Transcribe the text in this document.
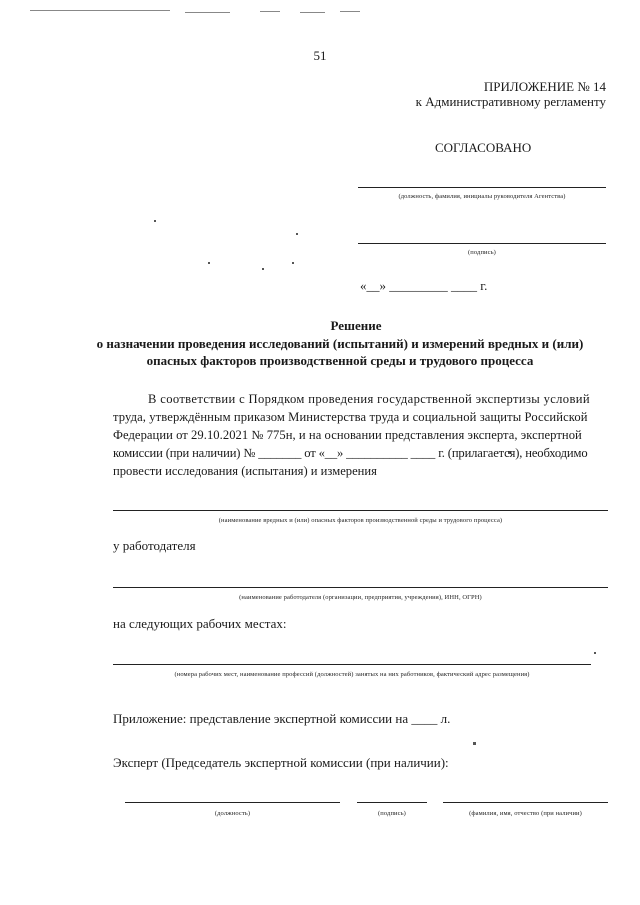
51
ПРИЛОЖЕНИЕ № 14
к Административному регламенту
СОГЛАСОВАНО
(должность, фамилия, инициалы руководителя Агентства)
(подпись)
«__» _________ ____ г.
Решение
о назначении проведения исследований (испытаний) и измерений вредных и (или)
опасных факторов производственной среды и трудового процесса
В соответствии с Порядком проведения государственной экспертизы условий
труда, утверждённым приказом Министерства труда и социальной защиты Российской
Федерации от 29.10.2021 № 775н, и на основании представления эксперта, экспертной
комиссии (при наличии) № _______ от «__» __________ ____ г. (прилагается), необходимо
провести исследования (испытания) и измерения
(наименование вредных и (или) опасных факторов производственной среды и трудового процесса)
у работодателя
(наименование работодателя (организации, предприятия, учреждения), ИНН, ОГРН)
на следующих рабочих местах:
(номера рабочих мест, наименование профессий (должностей) занятых на них работников, фактический адрес размещения)
Приложение: представление экспертной комиссии на ____ л.
Эксперт (Председатель экспертной комиссии (при наличии):
(должность)	(подпись)	(фамилия, имя, отчество (при наличии)
